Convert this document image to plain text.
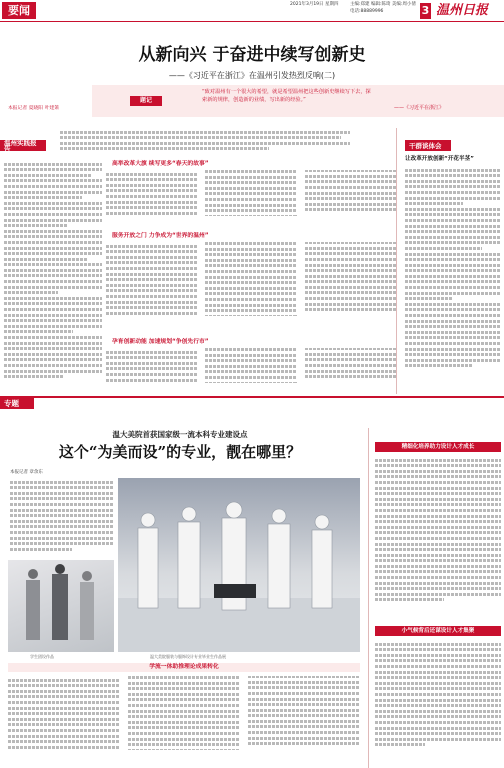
要闻	2021年3月19日 星期四	主编:郑建 编辑:陈琦 美编:周小倩
电话:88889996	3 温州日报
从新向兴 于奋进中续写创新史
——《习近平在浙江》在温州引发热烈反响(二)
题记
“致对温州有一个很大的希望，就是希望温州把这些创新史继续写下去，探
索新的规律，创造新的业绩，写出新的经验。”
——《习近平在浙江》
本报记者 夏晓阳 叶建箫
温州实践报告
高举改革大旗 续写更多“春天的故事”
服务开放之门 力争成为“世界的温州”
孕育创新动能 加速规划“争创先行市”
干群谈体会
让改革开放创新“开花半茎”
专题
温大美院首获国家级一流本科专业建设点
这个“为美而设”的专业，靓在哪里？
本报记者 章余东
学生团设作品	温大美院服装与服饰设计专业毕业生作品展
学流一体助推理论成果转化
精细化培养助力设计人才成长
小气候背后还谋设计人才集聚
